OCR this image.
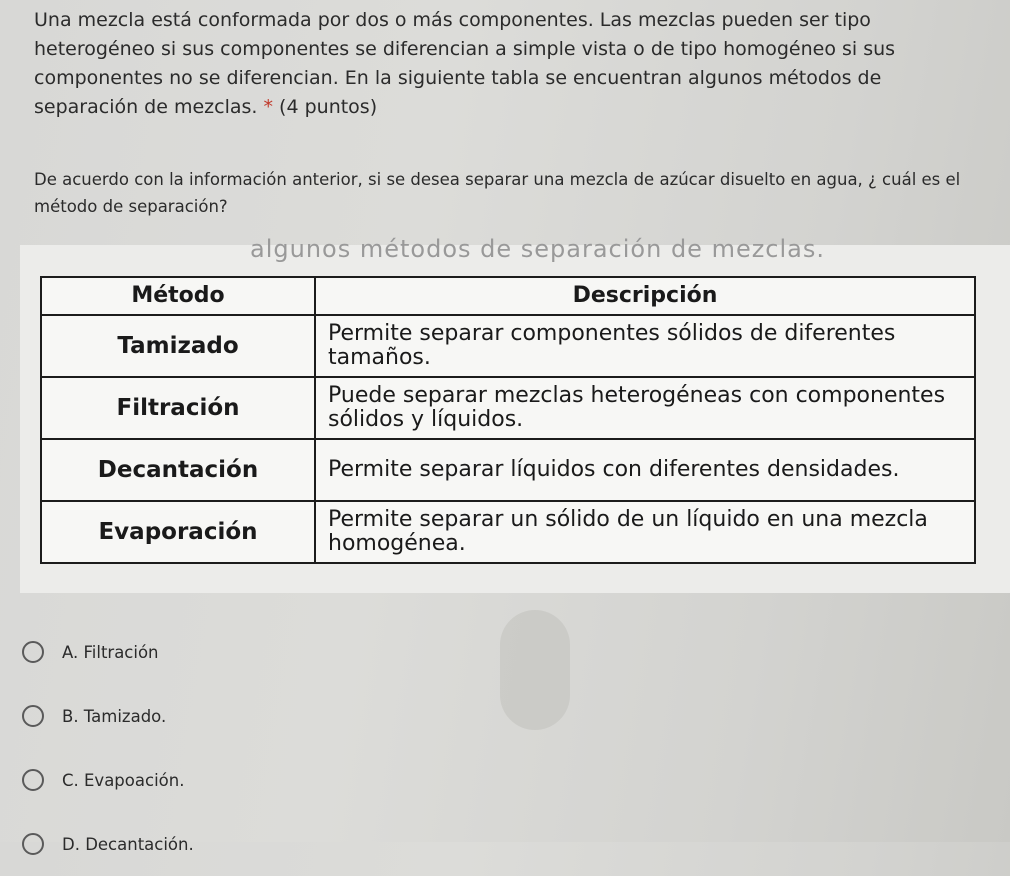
Una mezcla está conformada por dos o más componentes. Las mezclas pueden ser tipo heterogéneo si sus componentes se diferencian a simple vista o de tipo homogéneo si sus componentes no se diferencian. En la siguiente tabla se encuentran algunos métodos de separación de mezclas. * (4 puntos)
De acuerdo con la información anterior, si se desea separar una mezcla de azúcar disuelto en agua, ¿ cuál es el método de separación?
algunos métodos de separación de mezclas.
Método	Descripción
Tamizado	Permite separar componentes sólidos de diferentes tamaños.
Filtración	Puede separar mezclas heterogéneas con componentes sólidos y líquidos.
Decantación	Permite separar líquidos con diferentes densidades.
Evaporación	Permite separar un sólido de un líquido en una mezcla homogénea.
A. Filtración
B. Tamizado.
C. Evapoación.
D. Decantación.
